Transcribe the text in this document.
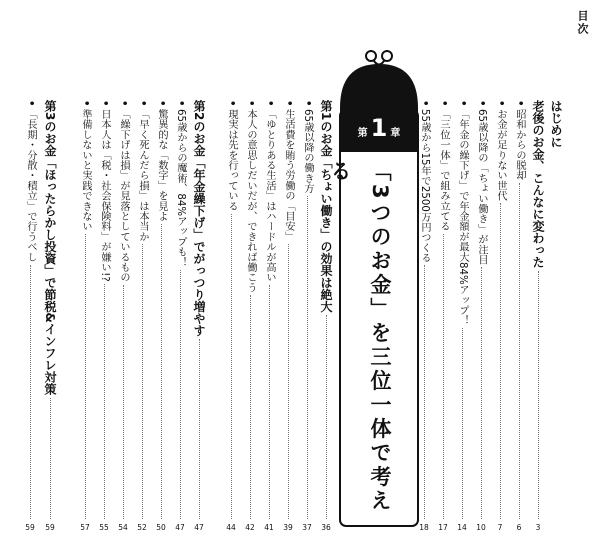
目次
はじめに
老後のお金、こんなに変わった
3
•
昭和からの脱却
6
•
お金が足りない世代
7
•
65歳以降の「ちょい働き」が注目
10
•
「年金の繰下げ」で年金額が最大84%アップ！
14
•
「三位一体」で組み立てる
17
•
55歳から15年で2500万円つくる
18
第 1 章
「3つのお金」を三位一体で考える
第1のお金「ちょい働き」の効果は絶大
36
•
65歳以降の働き方
37
•
生活費を賄う労働の「目安」
39
•
「ゆとりある生活」はハードルが高い
41
•
本人の意思しだいだが、できれば働こう
42
•
現実は先を行っている
44
第2のお金「年金繰下げ」でがっつり増やす
47
•
65歳からの魔術、84%アップも！
47
•
驚異的な「数字」を見よ
50
•
「早く死んだら損」は本当か
52
•
「繰下げは損」が見落としているもの
54
•
日本人は「税・社会保険料」が嫌い!?
55
•
準備しないと実践できない
57
第3のお金「ほったらかし投資」で節税&インフレ対策
59
•
「長期・分散・積立」で行うべし
59
